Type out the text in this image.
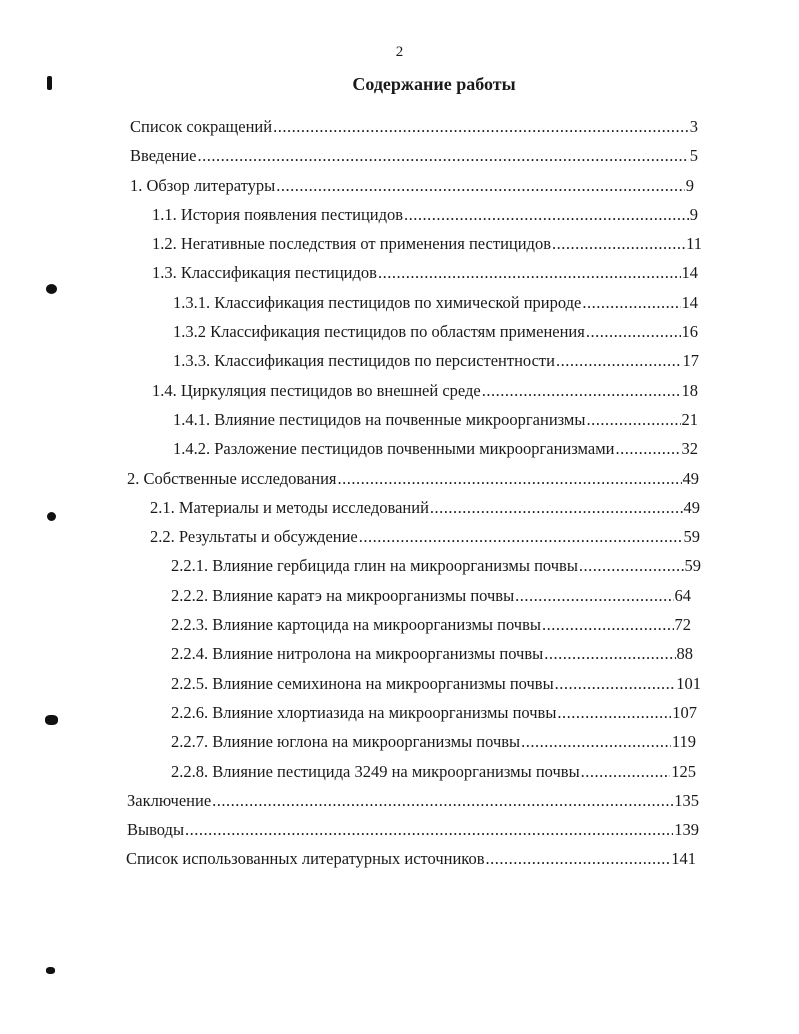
2
Содержание работы
Список сокращений .....	3
Введение .....	5
1. Обзор литературы .....	9
1.1. История появления пестицидов .....	9
1.2. Негативные последствия от применения пестицидов .....	11
1.3. Классификация пестицидов .....	14
1.3.1. Классификация пестицидов по химической природе .....	14
1.3.2 Классификация пестицидов по областям применения .....	16
1.3.3. Классификация пестицидов по персистентности .....	17
1.4. Циркуляция пестицидов во внешней среде .....	18
1.4.1. Влияние пестицидов на почвенные микроорганизмы .....	21
1.4.2. Разложение пестицидов почвенными микроорганизмами .....	32
2. Собственные исследования .....	49
2.1. Материалы и методы исследований .....	49
2.2. Результаты и обсуждение .....	59
2.2.1. Влияние гербицида глин на микроорганизмы почвы .....	59
2.2.2. Влияние каратэ на микроорганизмы почвы .....	64
2.2.3. Влияние картоцида на микроорганизмы почвы .....	72
2.2.4. Влияние нитролона на микроорганизмы почвы .....	88
2.2.5. Влияние семихинона на микроорганизмы почвы .....	101
2.2.6. Влияние хлортиазида на микроорганизмы почвы .....	107
2.2.7. Влияние юглона на микроорганизмы почвы .....	119
2.2.8. Влияние пестицида 3249 на микроорганизмы почвы .....	125
Заключение .....	135
Выводы .....	139
Список использованных литературных источников .....	141
